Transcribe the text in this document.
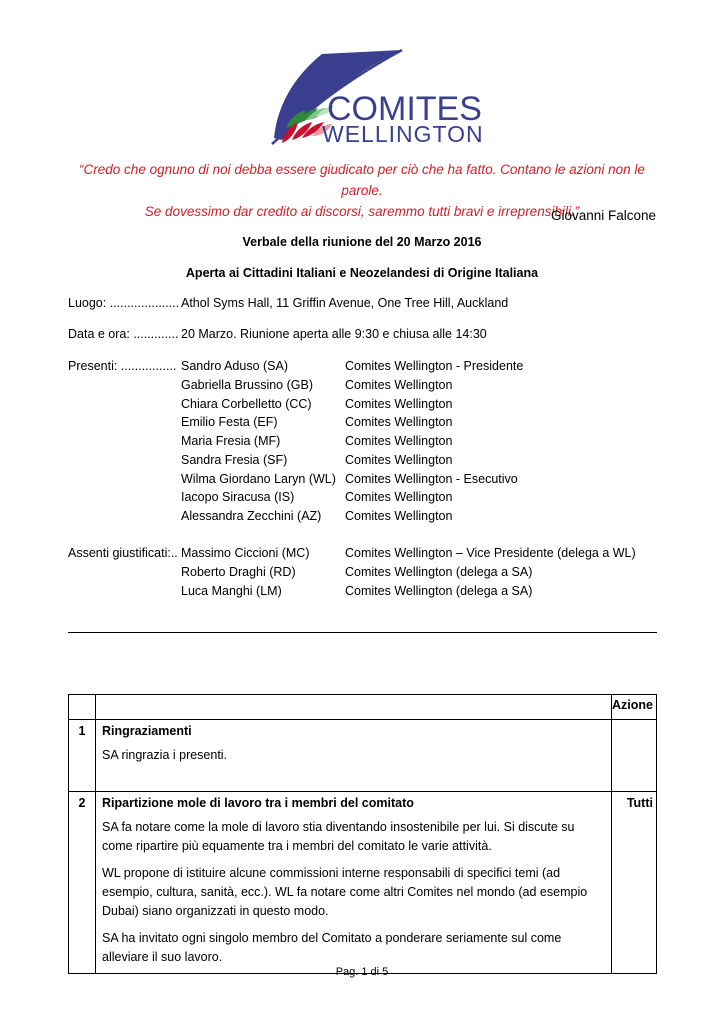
COMITES
WELLINGTON
“Credo che ognuno di noi debba essere giudicato per ciò che ha fatto. Contano le azioni non le parole.
Se dovessimo dar credito ai discorsi, saremmo tutti bravi e irreprensibili.”
Giovanni Falcone
Verbale della riunione del 20 Marzo 2016
Aperta ai Cittadini Italiani e Neozelandesi di Origine Italiana
Luogo: .................... Athol Syms Hall, 11 Griffin Avenue, One Tree Hill, Auckland
Data e ora: ............. 20 Marzo. Riunione aperta alle 9:30 e chiusa alle 14:30
Presenti: ................ Sandro Aduso (SA)	Comites Wellington - Presidente
Gabriella Brussino (GB)	Comites Wellington
Chiara Corbelletto (CC)	Comites Wellington
Emilio Festa (EF)	Comites Wellington
Maria Fresia (MF)	Comites Wellington
Sandra Fresia (SF)	Comites Wellington
Wilma Giordano Laryn (WL) Comites Wellington - Esecutivo
Iacopo Siracusa (IS)	Comites Wellington
Alessandra Zecchini (AZ) Comites Wellington
Assenti giustificati:.. Massimo Ciccioni (MC)	Comites Wellington – Vice Presidente (delega a WL)
Roberto Draghi (RD)	Comites Wellington (delega a SA)
Luca Manghi (LM)	Comites Wellington (delega a SA)
		Azione
1	Ringraziamenti

SA ringrazia i presenti.	

2	Ripartizione mole di lavoro tra i membri del comitato

SA fa notare come la mole di lavoro stia diventando insostenibile per lui. Si discute su come ripartire più equamente tra i membri del comitato le varie attività.

WL propone di istituire alcune commissioni interne responsabili di specifici temi (ad esempio, cultura, sanità, ecc.). WL fa notare come altri Comites nel mondo (ad esempio Dubai) siano organizzati in questo modo.

SA ha invitato ogni singolo membro del Comitato a ponderare seriamente sul come alleviare il suo lavoro.	Tutti
Pag. 1 di 5
